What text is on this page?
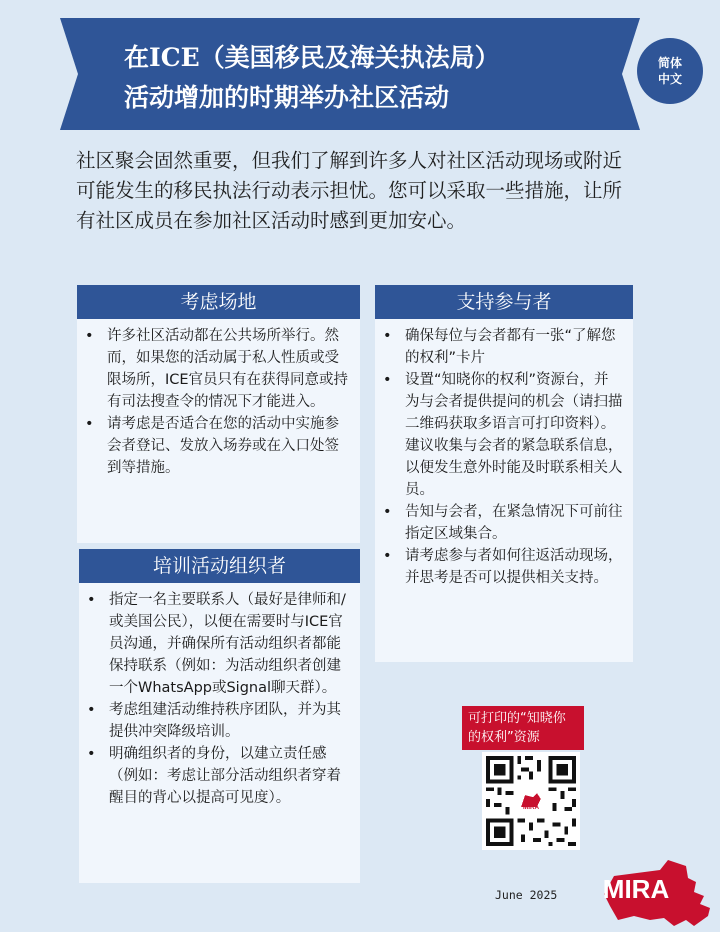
在ICE（美国移民及海关执法局）
活动增加的时期举办社区活动
简体
中文
社区聚会固然重要，但我们了解到许多人对社区活动现场或附近可能发生的移民执法行动表示担忧。您可以采取一些措施，让所有社区成员在参加社区活动时感到更加安心。
考虑场地
• 许多社区活动都在公共场所举行。然而，如果您的活动属于私人性质或受限场所，ICE官员只有在获得同意或持有司法搜查令的情况下才能进入。
• 请考虑是否适合在您的活动中实施参会者登记、发放入场券或在入口处签到等措施。
培训活动组织者
• 指定一名主要联系人（最好是律师和/或美国公民），以便在需要时与ICE官员沟通，并确保所有活动组织者都能保持联系（例如：为活动组织者创建一个WhatsApp或Signal聊天群）。
• 考虑组建活动维持秩序团队，并为其提供冲突降级培训。
• 明确组织者的身份，以建立责任感（例如：考虑让部分活动组织者穿着醒目的背心以提高可见度）。
支持参与者
• 确保每位与会者都有一张“了解您的权利”卡片
• 设置“知晓你的权利”资源台，并为与会者提供提问的机会（请扫描二维码获取多语言可打印资料）。建议收集与会者的紧急联系信息，以便发生意外时能及时联系相关人员。
• 告知与会者，在紧急情况下可前往指定区域集合。
• 请考虑参与者如何往返活动现场，并思考是否可以提供相关支持。
可打印的“知晓你的权利”资源
MIRA
June 2025 MIRA
